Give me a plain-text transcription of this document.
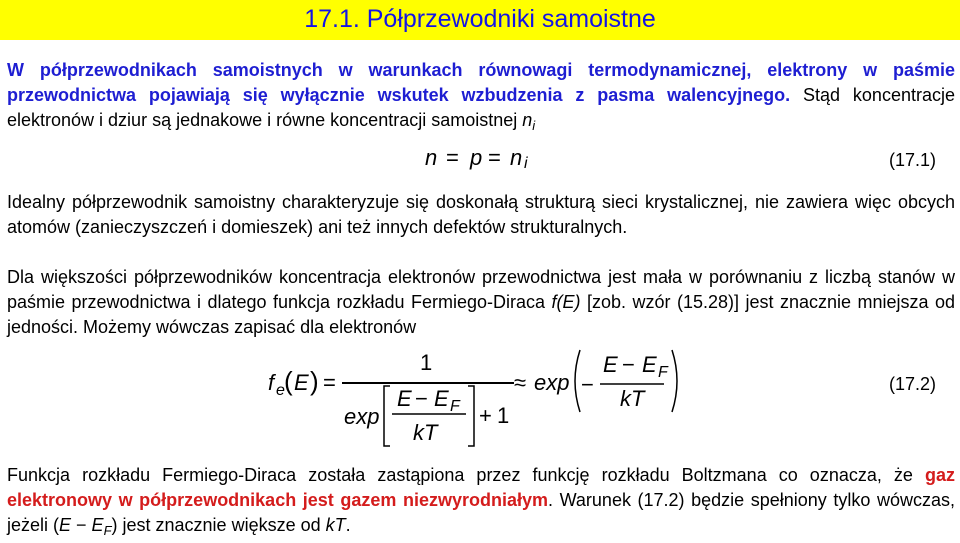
17.1. Półprzewodniki samoistne

W półprzewodnikach samoistnych w warunkach równowagi termodynamicznej, elektrony w paśmie przewodnictwa pojawiają się wyłącznie wskutek wzbudzenia z pasma walencyjnego. Stąd koncentracje elektronów i dziur są jednakowe i równe koncentracji samoistnej $n_i$

n = p = n i	(17.1)

Idealny półprzewodnik samoistny charakteryzuje się doskonałą strukturą sieci krystalicznej, nie zawiera więc obcych atomów (zanieczyszczeń i domieszek) ani też innych defektów strukturalnych.

Dla większości półprzewodników koncentracja elektronów przewodnictwa jest mała w porównaniu z liczbą stanów w paśmie przewodnictwa i dlatego funkcja rozkładu Fermiego-Diraca f(E) [zob. wzór (15.28)] jest znacznie mniejsza od jedności. Możemy wówczas zapisać dla elektronów

f e ( E ) =
1
exp
E − E F
kT
+ 1
≈ exp −
E − E F
kT
(17.2)

Funkcja rozkładu Fermiego-Diraca została zastąpiona przez funkcję rozkładu Boltzmana co oznacza, że gaz elektronowy w półprzewodnikach jest gazem niezwyrodniałym. Warunek (17.2) będzie spełniony tylko wówczas, jeżeli $(E - E_F)$ jest znacznie większe od kT.
